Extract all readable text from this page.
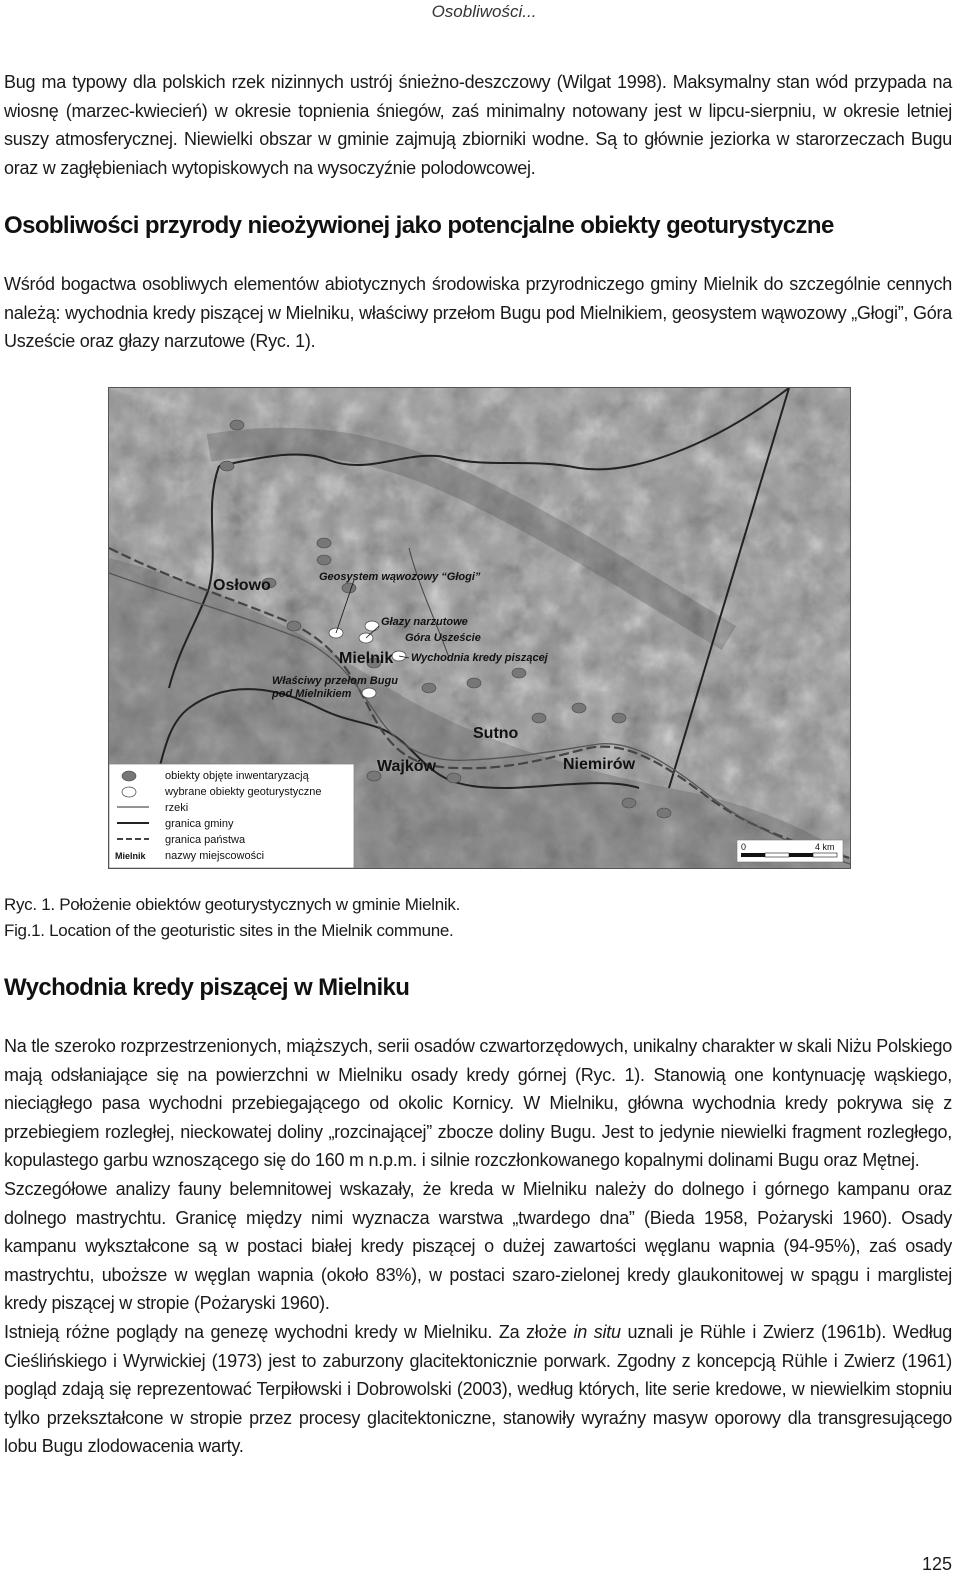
Osobliwości...

Bug ma typowy dla polskich rzek nizinnych ustrój śnieżno-deszczowy (Wilgat 1998). Maksymalny stan wód przypada na wiosnę (marzec-kwiecień) w okresie topnienia śniegów, zaś minimalny notowany jest w lipcu-sierpniu, w okresie letniej suszy atmosferycznej. Niewielki obszar w gminie zajmują zbiorniki wodne. Są to głównie jeziorka w starorzeczach Bugu oraz w zagłębieniach wytopiskowych na wysoczyźnie polodowcowej.

Osobliwości przyrody nieożywionej jako potencjalne obiekty geoturystyczne

Wśród bogactwa osobliwych elementów abiotycznych środowiska przyrodniczego gminy Mielnik do szczególnie cennych należą: wychodnia kredy piszącej w Mielniku, właściwy przełom Bugu pod Mielnikiem, geosystem wąwozowy „Głogi”, Góra Uszeście oraz głazy narzutowe (Ryc. 1).

Osłowo
Mielnik
Sutno
Wajków	Niemirów
Geosystem wąwozowy “Głogi”
Głazy narzutowe
Góra Uszeście
Wychodnia kredy piszącej
Właściwy przełom Bugu
pod Mielnikiem
obiekty objęte inwentaryzacją
wybrane obiekty geoturystyczne
rzeki
granica gminy
granica państwa
Mielnik nazwy miejscowości
0	4 km
Ryc. 1. Położenie obiektów geoturystycznych w gminie Mielnik.
Fig.1. Location of the geoturistic sites in the Mielnik commune.
Wychodnia kredy piszącej w Mielniku

Na tle szeroko rozprzestrzenionych, miąższych, serii osadów czwartorzędowych, unikalny charakter w skali Niżu Polskiego mają odsłaniające się na powierzchni w Mielniku osady kredy górnej (Ryc. 1). Stanowią one kontynuację wąskiego, nieciągłego pasa wychodni przebiegającego od okolic Kornicy. W Mielniku, główna wychodnia kredy pokrywa się z przebiegiem rozległej, nieckowatej doliny „rozcinającej” zbocze doliny Bugu. Jest to jedynie niewielki fragment rozległego, kopulastego garbu wznoszącego się do 160 m n.p.m. i silnie rozczłonkowanego kopalnymi dolinami Bugu oraz Mętnej.

Szczegółowe analizy fauny belemnitowej wskazały, że kreda w Mielniku należy do dolnego i górnego kampanu oraz dolnego mastrychtu. Granicę między nimi wyznacza warstwa „twardego dna” (Bieda 1958, Pożaryski 1960). Osady kampanu wykształcone są w postaci białej kredy piszącej o dużej zawartości węglanu wapnia (94-95%), zaś osady mastrychtu, uboższe w węglan wapnia (około 83%), w postaci szaro-zielonej kredy glaukonitowej w spągu i marglistej kredy piszącej w stropie (Pożaryski 1960).

Istnieją różne poglądy na genezę wychodni kredy w Mielniku. Za złoże in situ uznali je Rühle i Zwierz (1961b). Według Cieślińskiego i Wyrwickiej (1973) jest to zaburzony glacitektonicznie porwark. Zgodny z koncepcją Rühle i Zwierz (1961) pogląd zdają się reprezentować Terpiłowski i Dobrowolski (2003), według których, lite serie kredowe, w niewielkim stopniu tylko przekształcone w stropie przez procesy glacitektoniczne, stanowiły wyraźny masyw oporowy dla transgresującego lobu Bugu zlodowacenia warty.

125
